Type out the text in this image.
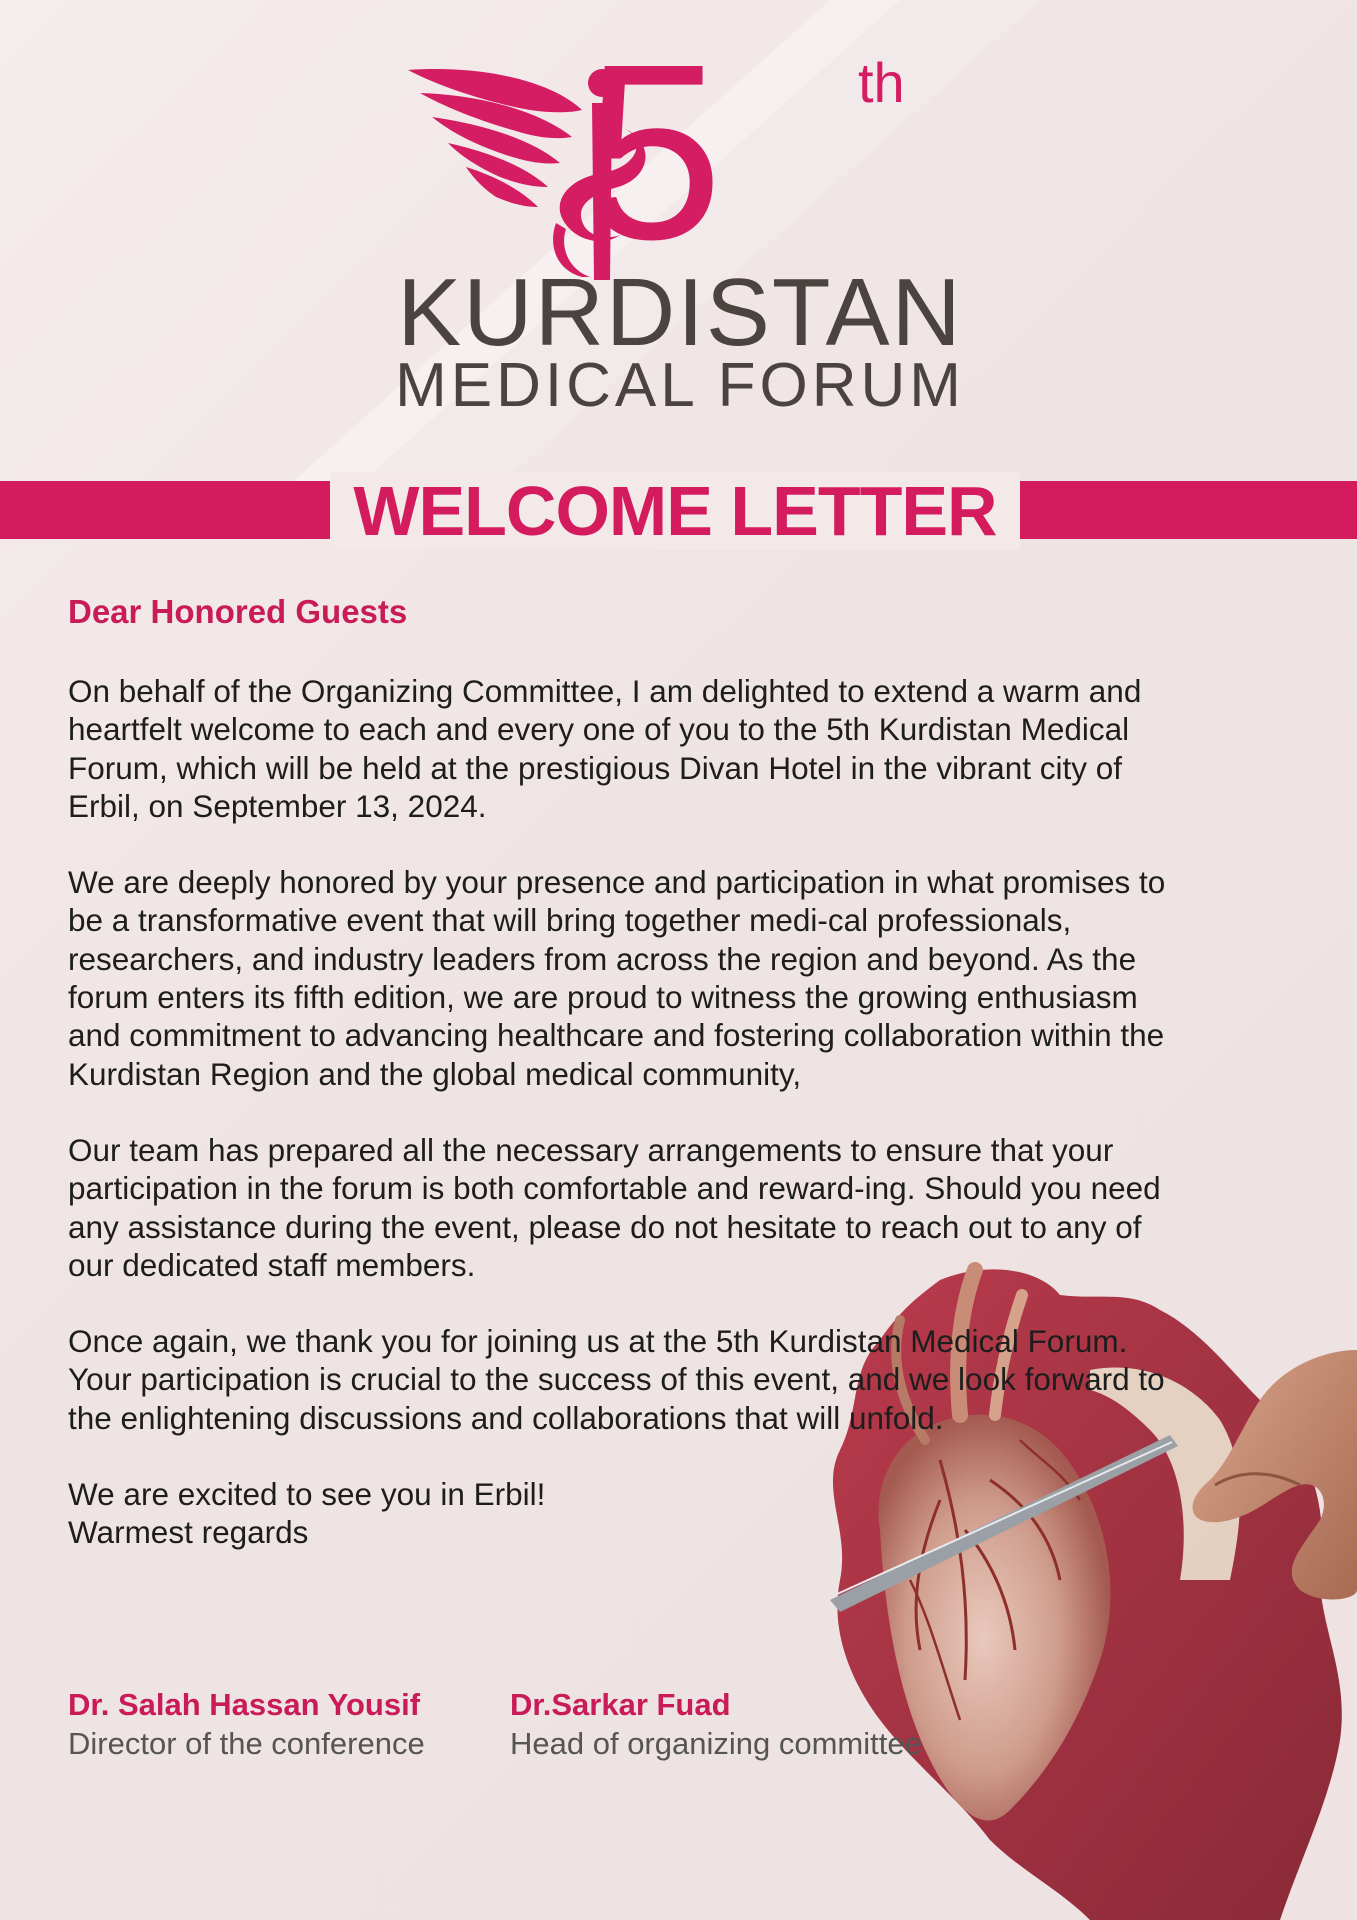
5	th
KURDISTAN
MEDICAL FORUM
WELCOME LETTER
Dear Honored Guests

On behalf of the Organizing Committee, I am delighted to extend a warm and heartfelt welcome to each and every one of you to the 5th Kurdistan Medical Forum, which will be held at the prestigious Divan Hotel in the vibrant city of Erbil, on September 13, 2024.

We are deeply honored by your presence and participation in what promises to be a transformative event that will bring together medi-cal professionals, researchers, and industry leaders from across the region and beyond. As the forum enters its fifth edition, we are proud to witness the growing enthusiasm and commitment to advancing healthcare and fostering collaboration within the Kurdistan Region and the global medical community,

Our team has prepared all the necessary arrangements to ensure that your participation in the forum is both comfortable and reward-ing. Should you need any assistance during the event, please do not hesitate to reach out to any of our dedicated staff members.

Once again, we thank you for joining us at the 5th Kurdistan Medical Forum. Your participation is crucial to the success of this event, and we look forward to the enlightening discussions and collaborations that will unfold.

We are excited to see you in Erbil!

Warmest regards

Dr. Salah Hassan Yousif
Director of the conference
Dr.Sarkar Fuad
Head of organizing committee
